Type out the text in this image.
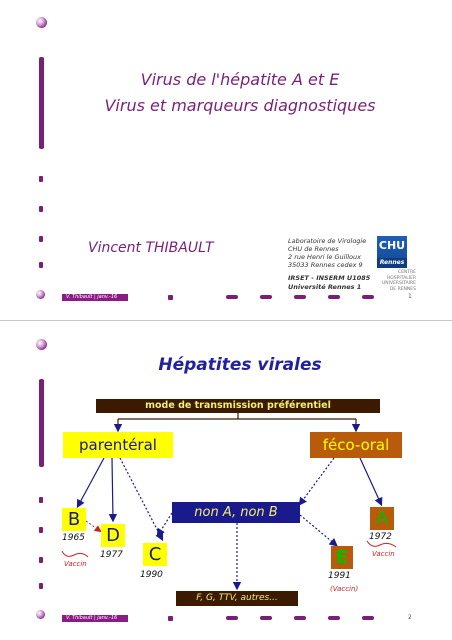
Virus de l'hépatite A et E
Virus et marqueurs diagnostiques
Vincent THIBAULT	Laboratoire de Virologie
CHU de Rennes
2 rue Henri le Guilloux
35033 Rennes cedex 9
IRSET - INSERM U1085
Université Rennes 1
CHU
Rennes
CENTRE
HOSPITALIER
UNIVERSITAIRE
DE RENNES
V. Thibault | janv.-16	1
Hépatites virales
mode de transmission préférentiel
parentéral	féco-oral
non A, non B
F, G, TTV, autres...
B
1965
Vaccin
D
1977	C
1990
E
1991
(Vaccin)
A
1972
Vaccin
V. Thibault | janv.-16	2
